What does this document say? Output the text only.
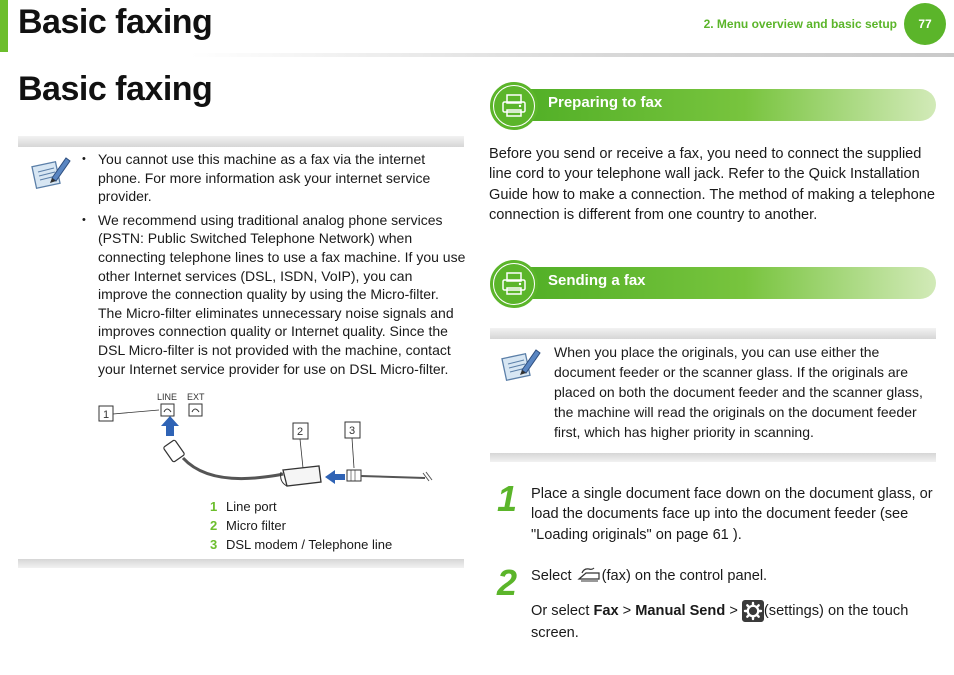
Basic faxing	2. Menu overview and basic setup	77
Basic faxing
• You cannot use this machine as a fax via the internet phone. For more information ask your internet service provider.
• We recommend using traditional analog phone services (PSTN: Public Switched Telephone Network) when connecting telephone lines to use a fax machine. If you use other Internet services (DSL, ISDN, VoIP), you can improve the connection quality by using the Micro-filter. The Micro-filter eliminates unnecessary noise signals and improves connection quality or Internet quality. Since the DSL Micro-filter is not provided with the machine, contact your Internet service provider for use on DSL Micro-filter.
LINE EXT
1
2	3
1 Line port
2 Micro filter
3 DSL modem / Telephone line
Preparing to fax
Before you send or receive a fax, you need to connect the supplied line cord to your telephone wall jack. Refer to the Quick Installation Guide how to make a connection. The method of making a telephone connection is different from one country to another.
Sending a fax
When you place the originals, you can use either the document feeder or the scanner glass. If the originals are placed on both the document feeder and the scanner glass, the machine will read the originals on the document feeder first, which has higher priority in scanning.
1 Place a single document face down on the document glass, or load the documents face up into the document feeder (see "Loading originals" on page 61 ).
2 Select (fax) on the control panel.
Or select Fax > Manual Send > (settings) on the touch screen.
